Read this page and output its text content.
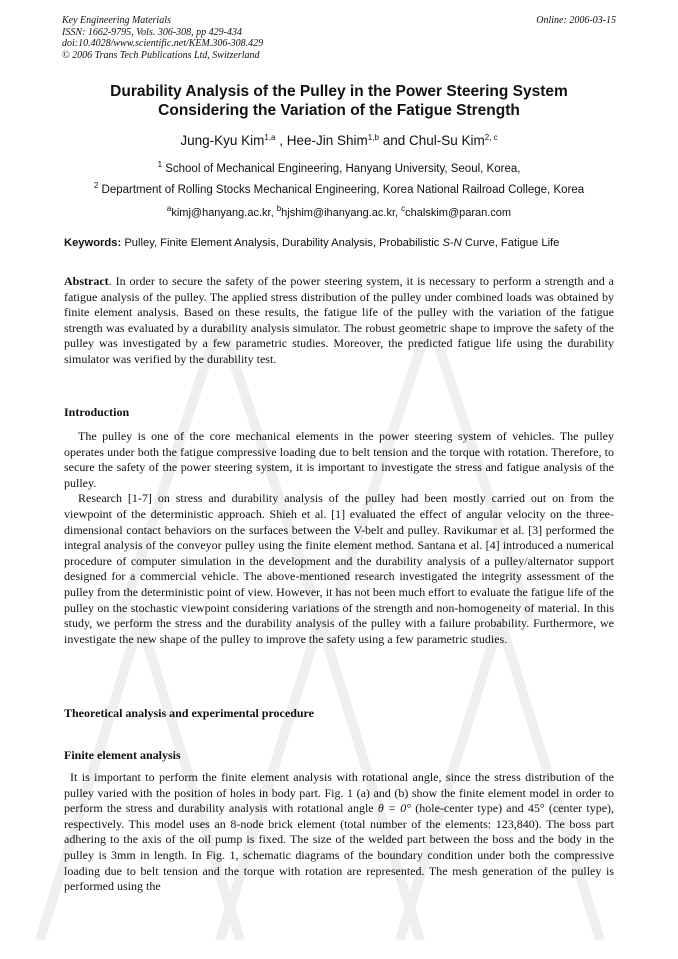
Key Engineering Materials
ISSN: 1662-9795, Vols. 306-308, pp 429-434
doi:10.4028/www.scientific.net/KEM.306-308.429
© 2006 Trans Tech Publications Ltd, Switzerland
Online: 2006-03-15
Durability Analysis of the Pulley in the Power Steering System
Considering the Variation of the Fatigue Strength
Jung-Kyu Kim$^{1,a}$ , Hee-Jin Shim$^{1,b}$ and Chul-Su Kim$^{2, c}$
$^1$ School of Mechanical Engineering, Hanyang University, Seoul, Korea,
$^2$ Department of Rolling Stocks Mechanical Engineering, Korea National Railroad College, Korea
$^a$kimj@hanyang.ac.kr, $^b$hjshim@ihanyang.ac.kr, $^c$chalskim@paran.com
Keywords: Pulley, Finite Element Analysis, Durability Analysis, Probabilistic S-N Curve, Fatigue Life

Abstract. In order to secure the safety of the power steering system, it is necessary to perform a strength and a fatigue analysis of the pulley. The applied stress distribution of the pulley under combined loads was obtained by finite element analysis. Based on these results, the fatigue life of the pulley with the variation of the fatigue strength was evaluated by a durability analysis simulator. The robust geometric shape to improve the safety of the pulley was investigated by a few parametric studies. Moreover, the predicted fatigue life using the durability simulator was verified by the durability test.

Introduction

The pulley is one of the core mechanical elements in the power steering system of vehicles. The pulley operates under both the fatigue compressive loading due to belt tension and the torque with rotation. Therefore, to secure the safety of the power steering system, it is important to investigate the stress and fatigue analysis of the pulley.

Research [1-7] on stress and durability analysis of the pulley had been mostly carried out on from the viewpoint of the deterministic approach. Shieh et al. [1] evaluated the effect of angular velocity on the three-dimensional contact behaviors on the surfaces between the V-belt and pulley. Ravikumar et al. [3] performed the integral analysis of the conveyor pulley using the finite element method. Santana et al. [4] introduced a numerical procedure of computer simulation in the development and the durability analysis of a pulley/alternator support designed for a commercial vehicle. The above-mentioned research investigated the integrity assessment of the pulley from the deterministic point of view. However, it has not been much effort to evaluate the fatigue life of the pulley on the stochastic viewpoint considering variations of the strength and non-homogeneity of material. In this study, we perform the stress and the durability analysis of the pulley with a failure probability. Furthermore, we investigate the new shape of the pulley to improve the safety using a few parametric studies.

Theoretical analysis and experimental procedure
Finite element analysis

It is important to perform the finite element analysis with rotational angle, since the stress distribution of the pulley varied with the position of holes in body part. Fig. 1 (a) and (b) show the finite element model in order to perform the stress and durability analysis with rotational angle θ = 0° (hole-center type) and 45° (center type), respectively. This model uses an 8-node brick element (total number of the elements: 123,840). The boss part adhering to the axis of the oil pump is fixed. The size of the welded part between the boss and the body in the pulley is 3mm in length. In Fig. 1, schematic diagrams of the boundary condition under both the compressive loading due to belt tension and the torque with rotation are represented. The mesh generation of the pulley is performed using the
